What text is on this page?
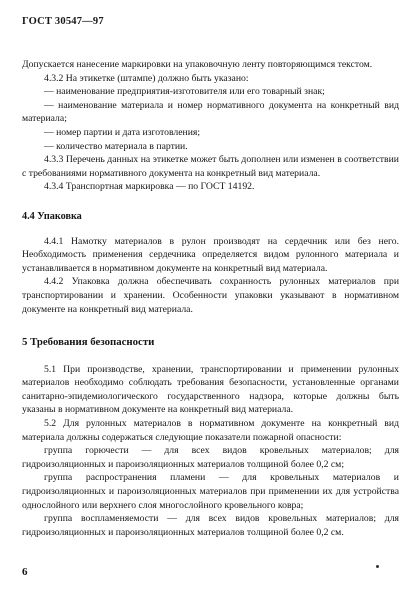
ГОСТ 30547—97

Допускается нанесение маркировки на упаковочную ленту повторяющимся текстом.

4.3.2 На этикетке (штампе) должно быть указано:

— наименование предприятия-изготовителя или его товарный знак;

— наименование материала и номер нормативного документа на конкретный вид материала;

— номер партии и дата изготовления;

— количество материала в партии.

4.3.3 Перечень данных на этикетке может быть дополнен или изменен в соответствии с требованиями нормативного документа на конкретный вид материала.

4.3.4 Транспортная маркировка — по ГОСТ 14192.

4.4 Упаковка

4.4.1 Намотку материалов в рулон производят на сердечник или без него. Необходимость применения сердечника определяется видом рулонного материала и устанавливается в нормативном документе на конкретный вид материала.

4.4.2 Упаковка должна обеспечивать сохранность рулонных материалов при транспортировании и хранении. Особенности упаковки указывают в нормативном документе на конкретный вид материала.

5 Требования безопасности

5.1 При производстве, хранении, транспортировании и применении рулонных материалов необходимо соблюдать требования безопасности, установленные органами санитарно-эпидемиологического государственного надзора, которые должны быть указаны в нормативном документе на конкретный вид материала.

5.2 Для рулонных материалов в нормативном документе на конкретный вид материала должны содержаться следующие показатели пожарной опасности:

группа горючести — для всех видов кровельных материалов; для гидроизоляционных и пароизоляционных материалов толщиной более 0,2 см;

группа распространения пламени — для кровельных материалов и гидроизоляционных и пароизоляционных материалов при применении их для устройства однослойного или верхнего слоя многослойного кровельного ковра;

группа воспламеняемости — для всех видов кровельных материалов; для гидроизоляционных и пароизоляционных материалов толщиной более 0,2 см.

6
